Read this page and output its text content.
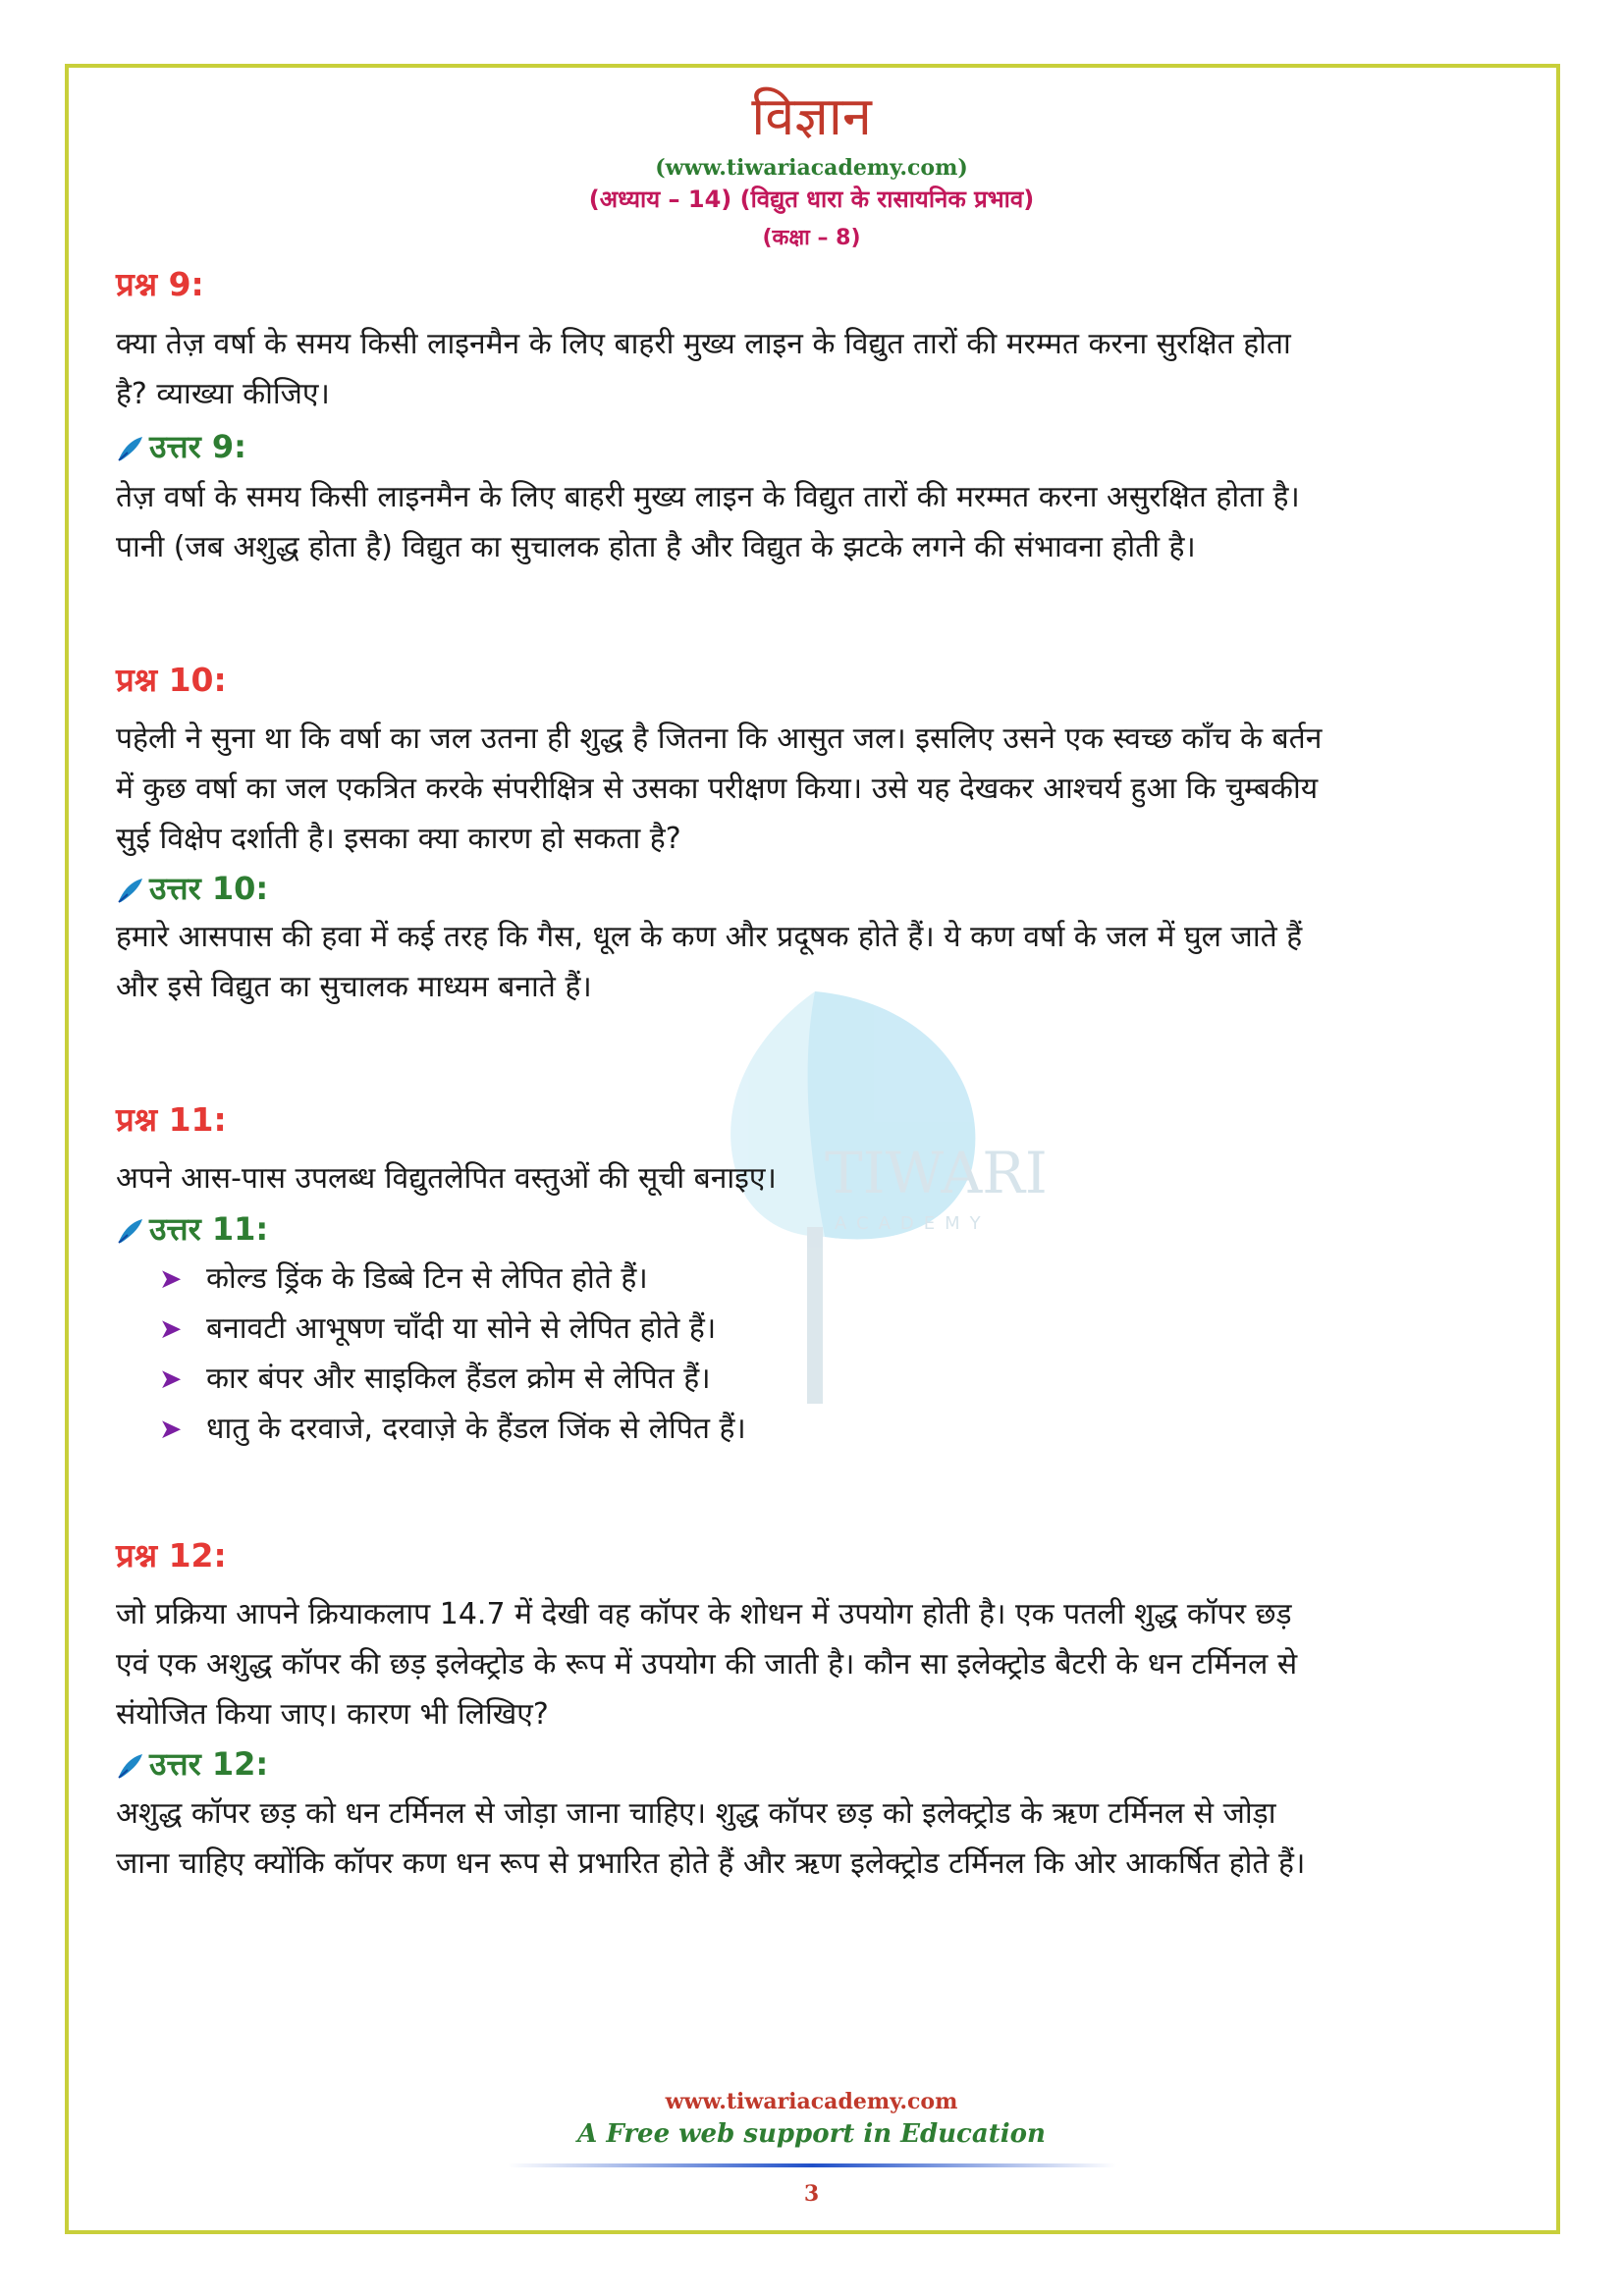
TIWARI
ACADEMY
विज्ञान
(www.tiwariacademy.com)
(अध्याय – 14) (विद्युत धारा के रासायनिक प्रभाव)
(कक्षा – 8)
प्रश्न 9:
क्या तेज़ वर्षा के समय किसी लाइनमैन के लिए बाहरी मुख्य लाइन के विद्युत तारों की मरम्मत करना सुरक्षित होता
है? व्याख्या कीजिए।
उत्तर 9:
तेज़ वर्षा के समय किसी लाइनमैन के लिए बाहरी मुख्य लाइन के विद्युत तारों की मरम्मत करना असुरक्षित होता है।
पानी (जब अशुद्ध होता है) विद्युत का सुचालक होता है और विद्युत के झटके लगने की संभावना होती है।
प्रश्न 10:
पहेली ने सुना था कि वर्षा का जल उतना ही शुद्ध है जितना कि आसुत जल। इसलिए उसने एक स्वच्छ काँच के बर्तन
में कुछ वर्षा का जल एकत्रित करके संपरीक्षित्र से उसका परीक्षण किया। उसे यह देखकर आश्चर्य हुआ कि चुम्बकीय
सुई विक्षेप दर्शाती है। इसका क्या कारण हो सकता है?
उत्तर 10:
हमारे आसपास की हवा में कई तरह कि गैस, धूल के कण और प्रदूषक होते हैं। ये कण वर्षा के जल में घुल जाते हैं
और इसे विद्युत का सुचालक माध्यम बनाते हैं।
प्रश्न 11:
अपने आस-पास उपलब्ध विद्युतलेपित वस्तुओं की सूची बनाइए।
उत्तर 11:
➤ कोल्ड ड्रिंक के डिब्बे टिन से लेपित होते हैं।
➤ बनावटी आभूषण चाँदी या सोने से लेपित होते हैं।
➤ कार बंपर और साइकिल हैंडल क्रोम से लेपित हैं।
➤ धातु के दरवाजे, दरवाज़े के हैंडल जिंक से लेपित हैं।
प्रश्न 12:
जो प्रक्रिया आपने क्रियाकलाप 14.7 में देखी वह कॉपर के शोधन में उपयोग होती है। एक पतली शुद्ध कॉपर छड़
एवं एक अशुद्ध कॉपर की छड़ इलेक्ट्रोड के रूप में उपयोग की जाती है। कौन सा इलेक्ट्रोड बैटरी के धन टर्मिनल से
संयोजित किया जाए। कारण भी लिखिए?
उत्तर 12:
अशुद्ध कॉपर छड़ को धन टर्मिनल से जोड़ा जाना चाहिए। शुद्ध कॉपर छड़ को इलेक्ट्रोड के ऋण टर्मिनल से जोड़ा
जाना चाहिए क्योंकि कॉपर कण धन रूप से प्रभारित होते हैं और ऋण इलेक्ट्रोड टर्मिनल कि ओर आकर्षित होते हैं।
www.tiwariacademy.com
A Free web support in Education
3
